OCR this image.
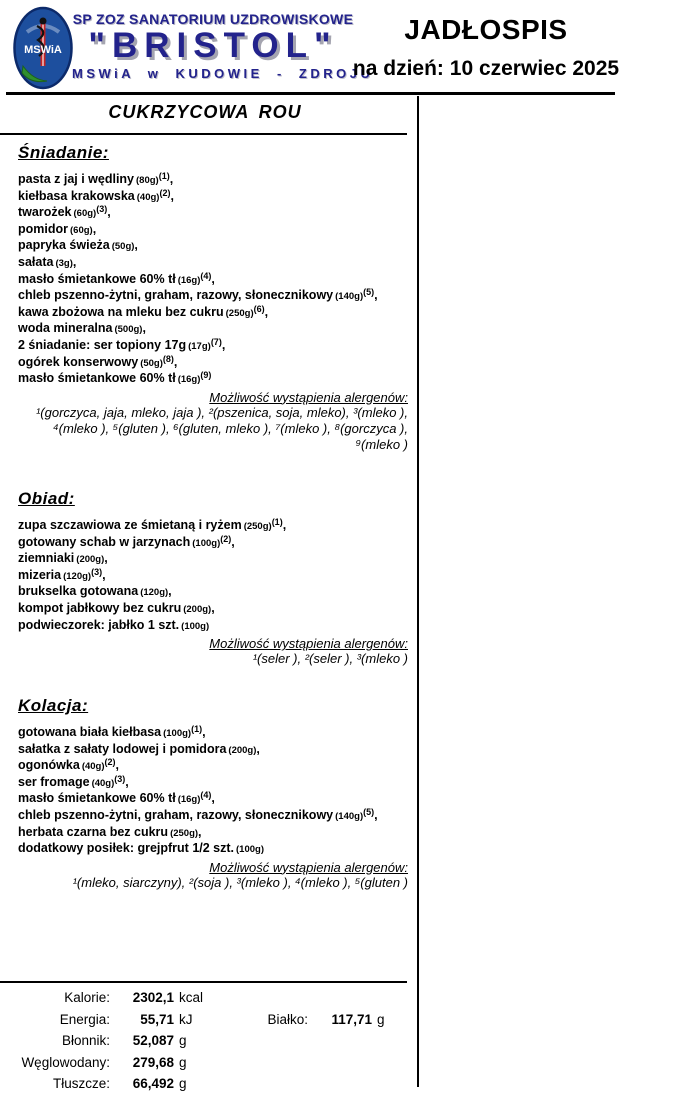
MSWiA
SP ZOZ SANATORIUM UZDROWISKOWE
"BRISTOL"
MSWiA w KUDOWIE - ZDROJU
JADŁOSPIS
na dzień: 10 czerwiec 2025
CUKRZYCOWA ROU
Śniadanie:
pasta z jaj i wędliny $(80g)^{(1)}$,
kiełbasa krakowska $(40g)^{(2)}$,
twarożek $(60g)^{(3)}$,
pomidor (60g),
papryka świeża (50g),
sałata (3g),
masło śmietankowe 60% tł $(16g)^{(4)}$,
chleb pszenno-żytni, graham, razowy, słonecznikowy $(140g)^{(5)}$,
kawa zbożowa na mleku bez cukru $(250g)^{(6)}$,
woda mineralna (500g),
2 śniadanie: ser topiony 17g $(17g)^{(7)}$,
ogórek konserwowy $(50g)^{(8)}$,
masło śmietankowe 60% tł $(16g)^{(9)}$
Możliwość wystąpienia alergenów:
¹(gorczyca, jaja, mleko, jaja ), ²(pszenica, soja, mleko), ³(mleko ), ⁴(mleko ), ⁵(gluten ), ⁶(gluten, mleko ), ⁷(mleko ), ⁸(gorczyca ), ⁹(mleko )
Obiad:
zupa szczawiowa ze śmietaną i ryżem $(250g)^{(1)}$,
gotowany schab w jarzynach $(100g)^{(2)}$,
ziemniaki (200g),
mizeria $(120g)^{(3)}$,
brukselka gotowana (120g),
kompot jabłkowy bez cukru (200g),
podwieczorek: jabłko 1 szt. (100g)
Możliwość wystąpienia alergenów:
¹(seler ), ²(seler ), ³(mleko )
Kolacja:
gotowana biała kiełbasa $(100g)^{(1)}$,
sałatka z sałaty lodowej i pomidora (200g),
ogonówka $(40g)^{(2)}$,
ser fromage $(40g)^{(3)}$,
masło śmietankowe 60% tł $(16g)^{(4)}$,
chleb pszenno-żytni, graham, razowy, słonecznikowy $(140g)^{(5)}$,
herbata czarna bez cukru (250g),
dodatkowy posiłek: grejpfrut 1/2 szt. (100g)
Możliwość wystąpienia alergenów:
¹(mleko, siarczyny), ²(soja ), ³(mleko ), ⁴(mleko ), ⁵(gluten )
Kalorie: 2302,1 kcal
Energia: 55,71 kJ
Błonnik: 52,087 g
Węglowodany: 279,68 g
Tłuszcze: 66,492 g
Białko: 117,71 g
